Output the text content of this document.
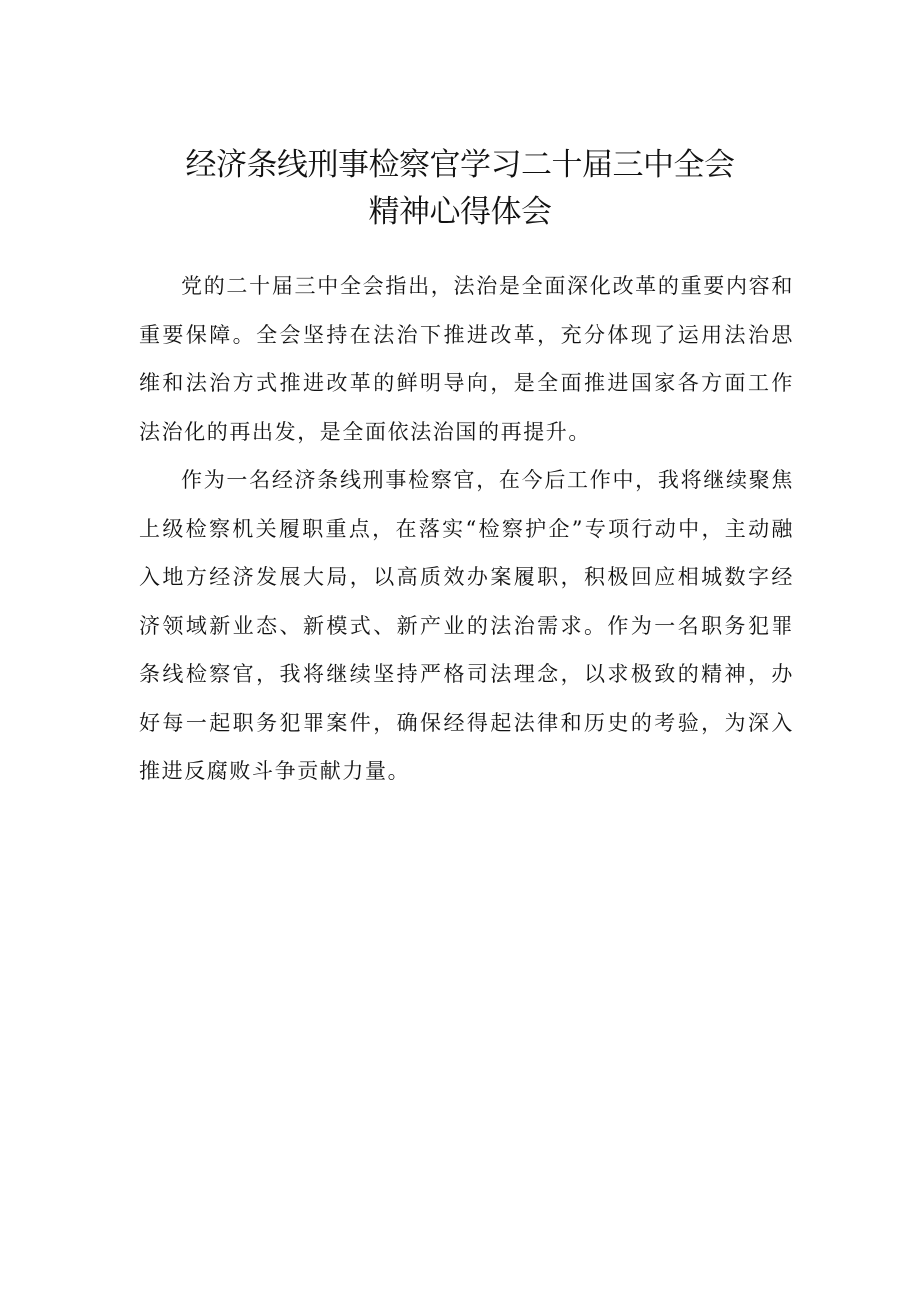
经济条线刑事检察官学习二十届三中全会
精神心得体会

党的二十届三中全会指出，法治是全面深化改革的重要内容和重要保障。全会坚持在法治下推进改革，充分体现了运用法治思维和法治方式推进改革的鲜明导向，是全面推进国家各方面工作法治化的再出发，是全面依法治国的再提升。

作为一名经济条线刑事检察官，在今后工作中，我将继续聚焦上级检察机关履职重点，在落实“检察护企”专项行动中，主动融入地方经济发展大局，以高质效办案履职，积极回应相城数字经济领域新业态、新模式、新产业的法治需求。作为一名职务犯罪条线检察官，我将继续坚持严格司法理念，以求极致的精神，办好每一起职务犯罪案件，确保经得起法律和历史的考验，为深入推进反腐败斗争贡献力量。
